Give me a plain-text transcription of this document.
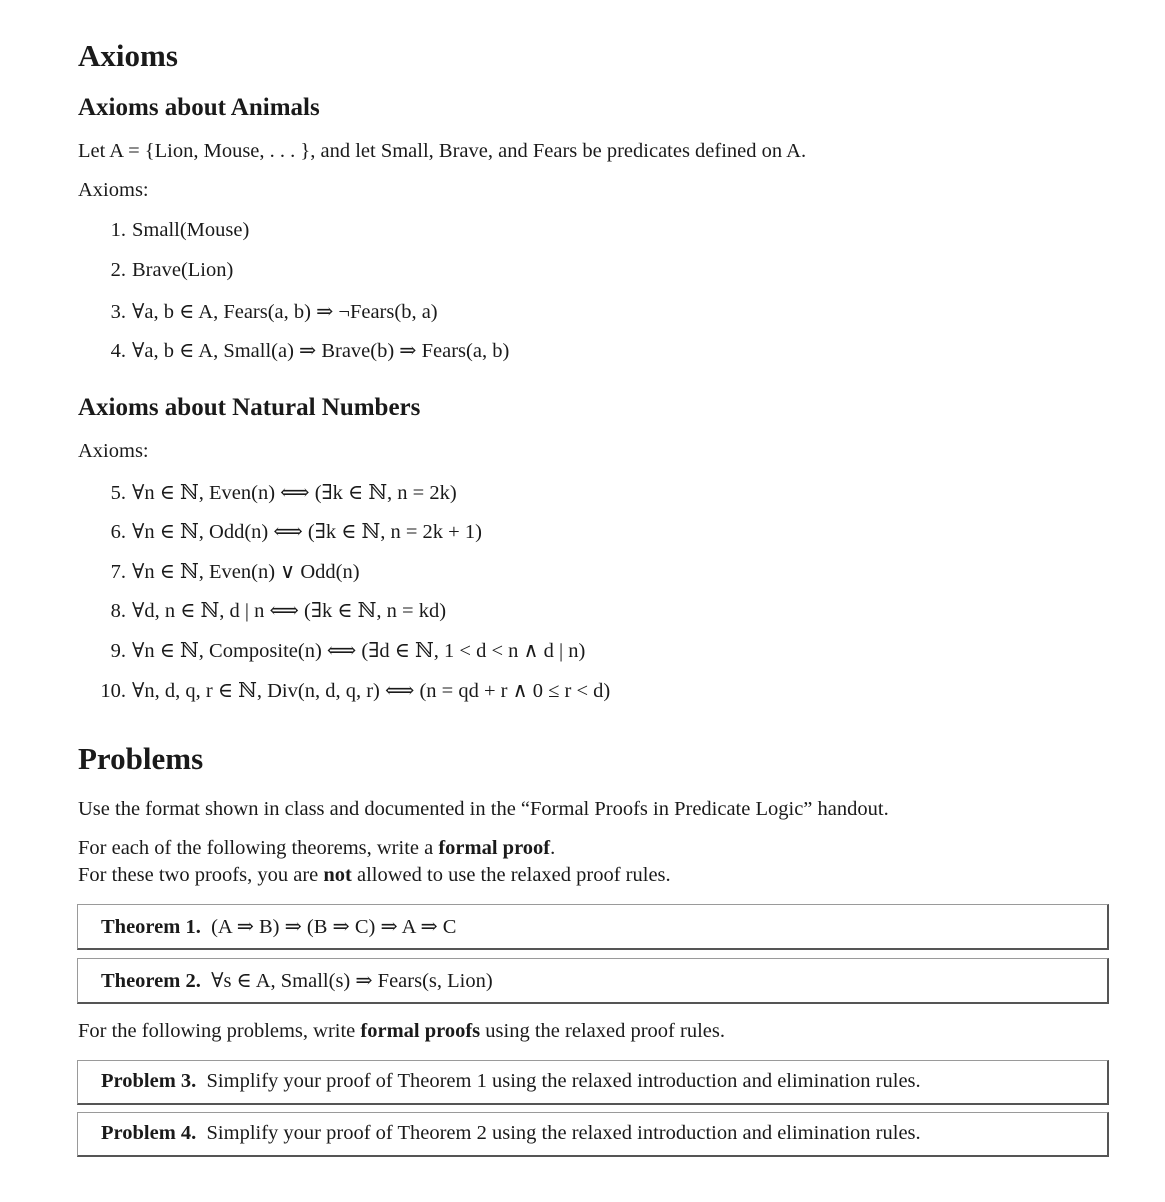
Axioms
Axioms about Animals
Let A = {Lion, Mouse, . . . }, and let Small, Brave, and Fears be predicates defined on A.
Axioms:
1. Small(Mouse)
2. Brave(Lion)
3. ∀a, b ∈ A, Fears(a, b) ⇒ ¬Fears(b, a)
4. ∀a, b ∈ A, Small(a) ⇒ Brave(b) ⇒ Fears(a, b)
Axioms about Natural Numbers
Axioms:
5. ∀n ∈ ℕ, Even(n) ⟺ (∃k ∈ ℕ, n = 2k)
6. ∀n ∈ ℕ, Odd(n) ⟺ (∃k ∈ ℕ, n = 2k + 1)
7. ∀n ∈ ℕ, Even(n) ∨ Odd(n)
8. ∀d, n ∈ ℕ, d | n ⟺ (∃k ∈ ℕ, n = kd)
9. ∀n ∈ ℕ, Composite(n) ⟺ (∃d ∈ ℕ, 1 < d < n ∧ d | n)
10. ∀n, d, q, r ∈ ℕ, Div(n, d, q, r) ⟺ (n = qd + r ∧ 0 ≤ r < d)
Problems
Use the format shown in class and documented in the “Formal Proofs in Predicate Logic” handout.
For each of the following theorems, write a formal proof.
For these two proofs, you are not allowed to use the relaxed proof rules.
Theorem 1. (A ⇒ B) ⇒ (B ⇒ C) ⇒ A ⇒ C
Theorem 2. ∀s ∈ A, Small(s) ⇒ Fears(s, Lion)
For the following problems, write formal proofs using the relaxed proof rules.
Problem 3. Simplify your proof of Theorem 1 using the relaxed introduction and elimination rules.
Problem 4. Simplify your proof of Theorem 2 using the relaxed introduction and elimination rules.
